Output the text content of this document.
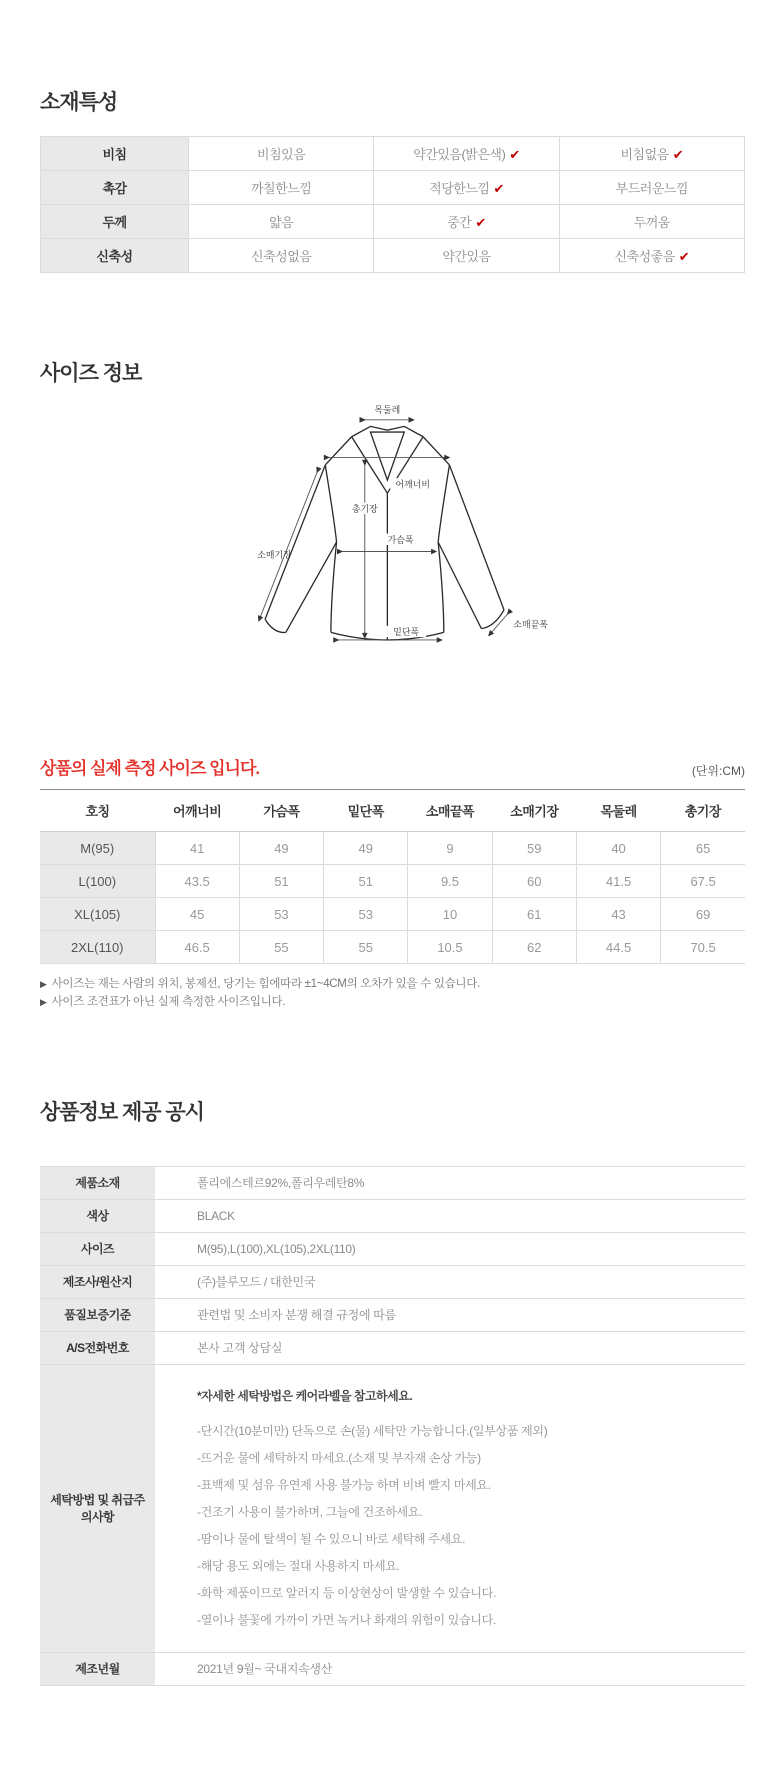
소재특성
비침	비침있음	약간있음(밝은색) ✔	비침없음 ✔
촉감	까칠한느낌	적당한느낌 ✔	부드러운느낌
두께	얇음	중간 ✔	두꺼움
신축성	신축성없음	약간있음	신축성좋음 ✔
사이즈 정보
목둘레
어깨너비
총기장
가슴폭
소매기장
밑단폭
소매끝폭
상품의 실제 측정 사이즈 입니다.	(단위:CM)
호칭	어깨너비	가슴폭	밑단폭	소매끝폭	소매기장	목둘레	총기장
M(95)	41	49	49	9	59	40	65
L(100)	43.5	51	51	9.5	60	41.5	67.5
XL(105)	45	53	53	10	61	43	69
2XL(110)	46.5	55	55	10.5	62	44.5	70.5
▶ 사이즈는 재는 사람의 위치, 봉제선, 당기는 힘에따라 ±1~4CM의 오차가 있을 수 있습니다.
▶ 사이즈 조견표가 아닌 실제 측정한 사이즈입니다.
상품정보 제공 공시
제품소재	폴리에스테르92%,폴리우레탄8%
색상	BLACK
사이즈	M(95),L(100),XL(105),2XL(110)
제조사/원산지	(주)블루모드 / 대한민국
품질보증기준	관련법 및 소비자 분쟁 해결 규정에 따름
A/S전화번호	본사 고객 상담실
세탁방법 및 취급주의사항	

*자세한 세탁방법은 케어라벨을 참고하세요.

-단시간(10분미만) 단독으로 손(물) 세탁만 가능합니다.(일부상품 제외)
-뜨거운 물에 세탁하지 마세요.(소재 및 부자재 손상 가능)
-표백제 및 섬유 유연제 사용 불가능 하며 비벼 빨지 마세요.
-건조기 사용이 불가하며, 그늘에 건조하세요.
-땀이나 물에 탈색이 될 수 있으니 바로 세탁해 주세요.
-해당 용도 외에는 절대 사용하지 마세요.
-화학 제품이므로 알러지 등 이상현상이 발생할 수 있습니다.
-열이나 불꽃에 가까이 가면 녹거나 화재의 위험이 있습니다.

제조년월	2021년 9월~ 국내지속생산
